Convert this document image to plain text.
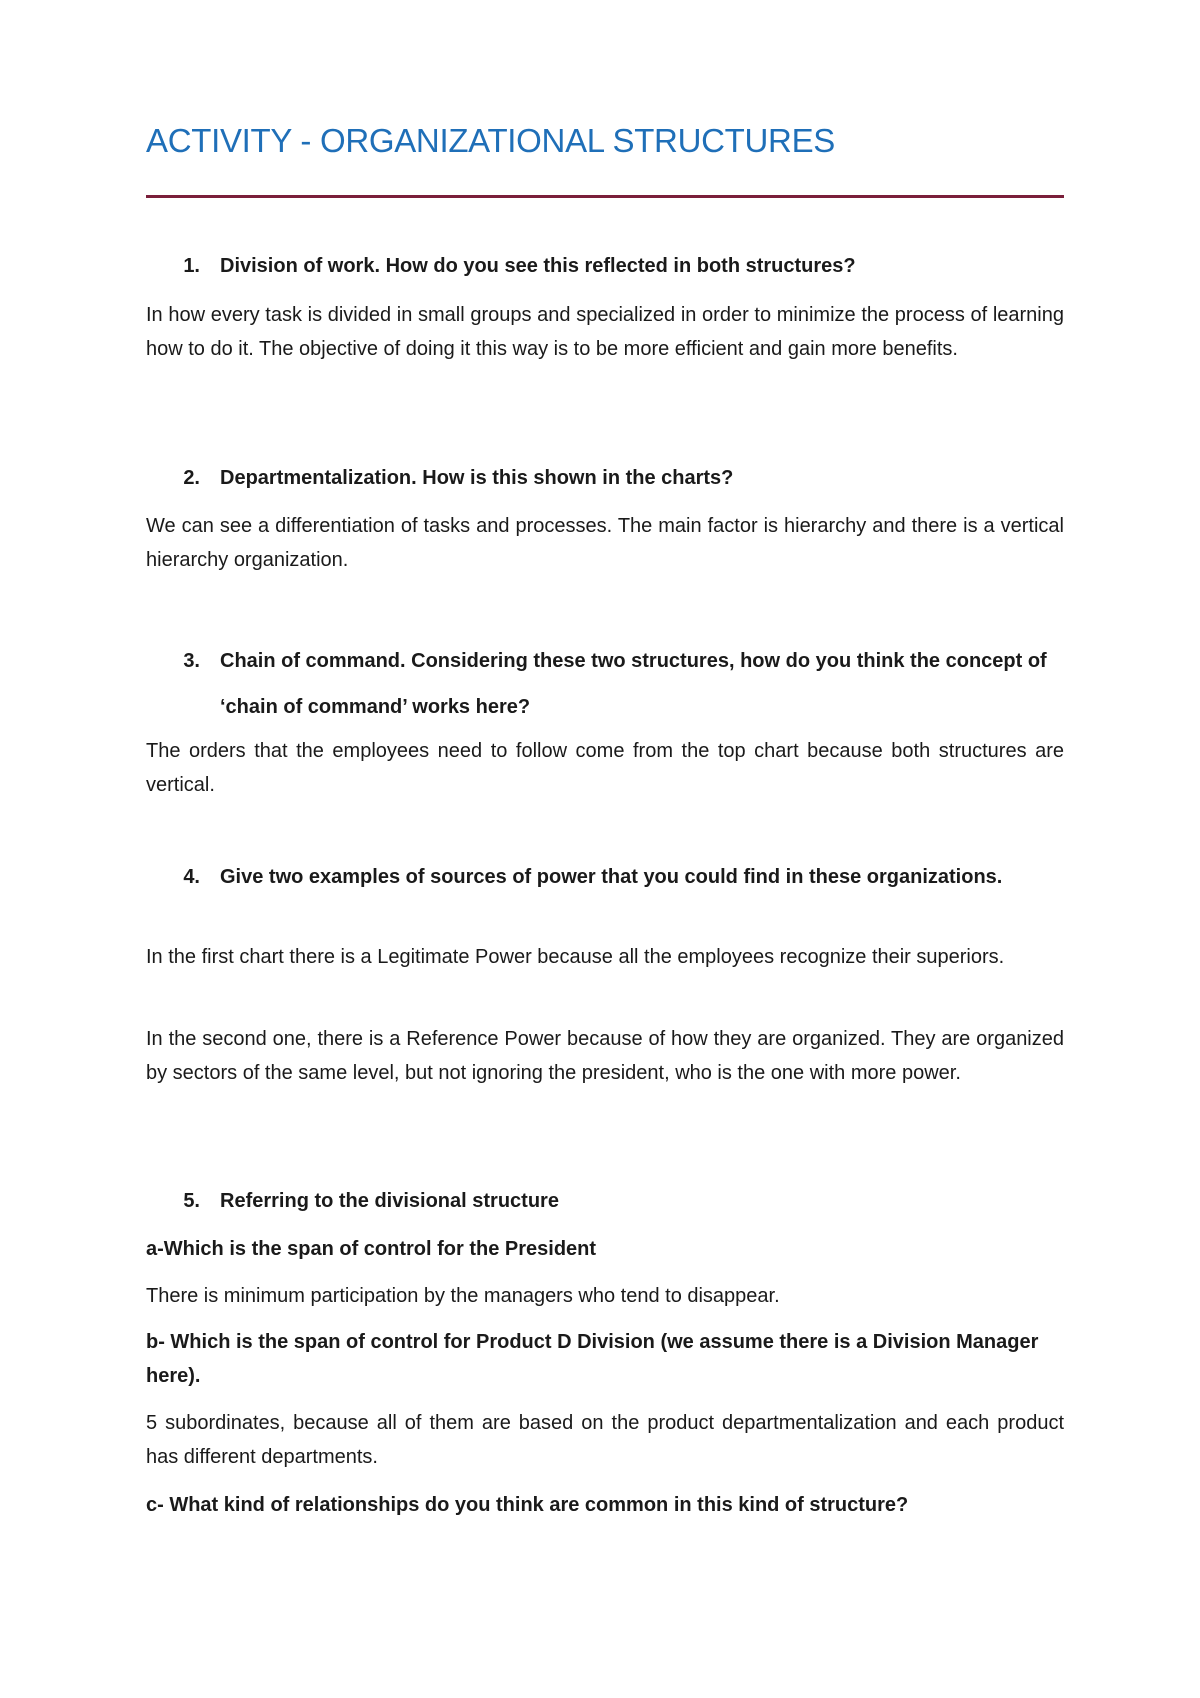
ACTIVITY - ORGANIZATIONAL STRUCTURES
1.	Division of work. How do you see this reflected in both structures?
In how every task is divided in small groups and specialized in order to minimize the process of learning how to do it. The objective of doing it this way is to be more efficient and gain more benefits.
2.	Departmentalization. How is this shown in the charts?
We can see a differentiation of tasks and processes. The main factor is hierarchy and there is a vertical hierarchy organization.
3.	Chain of command. Considering these two structures, how do you think the concept of ‘chain of command’ works here?
The orders that the employees need to follow come from the top chart because both structures are vertical.
4.	Give two examples of sources of power that you could find in these organizations.
In the first chart there is a Legitimate Power because all the employees recognize their superiors.
In the second one, there is a Reference Power because of how they are organized. They are organized by sectors of the same level, but not ignoring the president, who is the one with more power.
5.	Referring to the divisional structure
a-Which is the span of control for the President
There is minimum participation by the managers who tend to disappear.
b- Which is the span of control for Product D Division (we assume there is a Division Manager here).
5 subordinates, because all of them are based on the product departmentalization and each product has different departments.
c- What kind of relationships do you think are common in this kind of structure?
